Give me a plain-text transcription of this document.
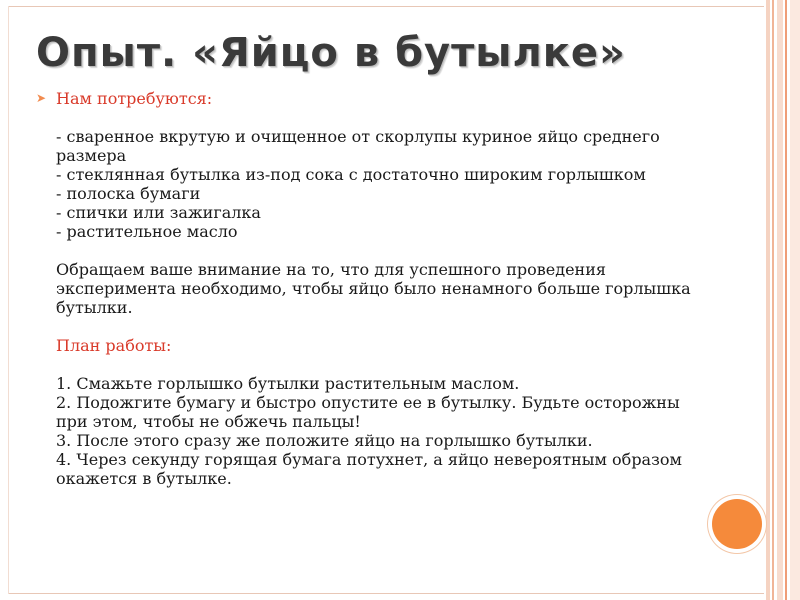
Опыт. «Яйцо в бутылке»
➤ Нам потребуются:
- сваренное вкрутую и очищенное от скорлупы куриное яйцо среднего
размера
- стеклянная бутылка из-под сока с достаточно широким горлышком
- полоска бумаги
- спички или зажигалка
- растительное масло
Обращаем ваше внимание на то, что для успешного проведения
эксперимента необходимо, чтобы яйцо было ненамного больше горлышка
бутылки.
План работы:
1. Смажьте горлышко бутылки растительным маслом.
2. Подожгите бумагу и быстро опустите ее в бутылку. Будьте осторожны
при этом, чтобы не обжечь пальцы!
3. После этого сразу же положите яйцо на горлышко бутылки.
4. Через секунду горящая бумага потухнет, а яйцо невероятным образом
окажется в бутылке.
